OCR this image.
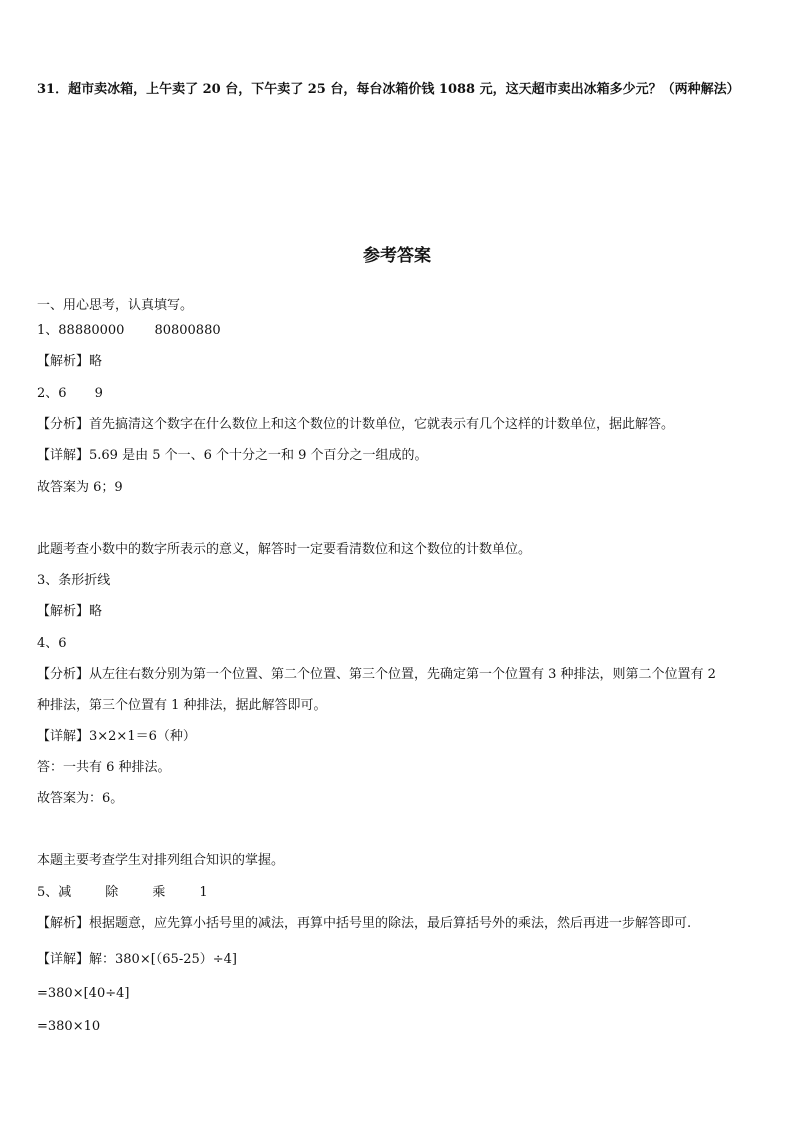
31．超市卖冰箱，上午卖了 20 台，下午卖了 25 台，每台冰箱价钱 1088 元，这天超市卖出冰箱多少元？（两种解法）
参考答案
一、用心思考，认真填写。
1、88880000 80800880
【解析】略
2、6 9
【分析】首先搞清这个数字在什么数位上和这个数位的计数单位，它就表示有几个这样的计数单位，据此解答。
【详解】5.69 是由 5 个一、6 个十分之一和 9 个百分之一组成的。
故答案为 6；9
此题考查小数中的数字所表示的意义，解答时一定要看清数位和这个数位的计数单位。
3、条形折线
【解析】略
4、6
【分析】从左往右数分别为第一个位置、第二个位置、第三个位置，先确定第一个位置有 3 种排法，则第二个位置有 2
种排法，第三个位置有 1 种排法，据此解答即可。
【详解】3×2×1＝6（种）
答：一共有 6 种排法。
故答案为：6。
本题主要考查学生对排列组合知识的掌握。
5、减	除	乘	1
【解析】根据题意，应先算小括号里的减法，再算中括号里的除法，最后算括号外的乘法，然后再进一步解答即可.
【详解】解：380×[（65-25）÷4]
=380×[40÷4]
=380×10
